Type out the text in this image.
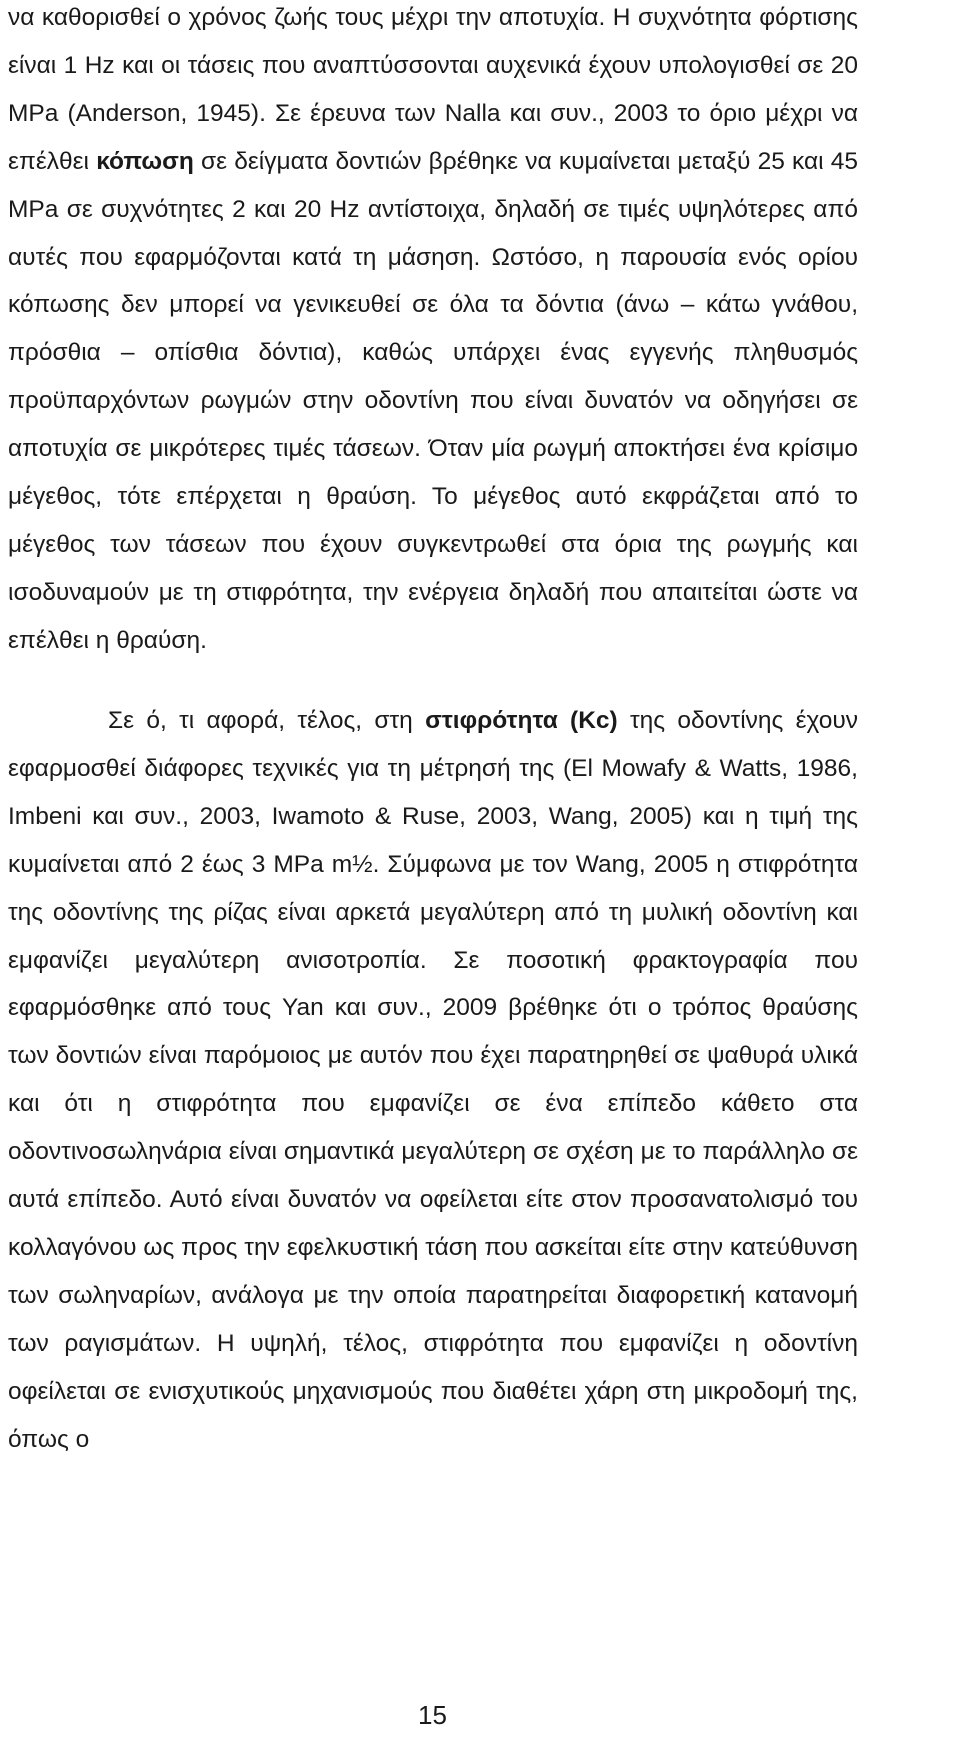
να καθορισθεί ο χρόνος ζωής τους μέχρι την αποτυχία. Η συχνότητα φόρτισης είναι 1 Hz και οι τάσεις που αναπτύσσονται αυχενικά έχουν υπολογισθεί σε 20 MPa (Anderson, 1945). Σε έρευνα των Nalla και συν., 2003 το όριο μέχρι να επέλθει κόπωση σε δείγματα δοντιών βρέθηκε να κυμαίνεται μεταξύ 25 και 45 MPa σε συχνότητες 2 και 20 Hz αντίστοιχα, δηλαδή σε τιμές υψηλότερες από αυτές που εφαρμόζονται κατά τη μάσηση. Ωστόσο, η παρουσία ενός ορίου κόπωσης δεν μπορεί να γενικευθεί σε όλα τα δόντια (άνω – κάτω γνάθου, πρόσθια – οπίσθια δόντια), καθώς υπάρχει ένας εγγενής πληθυσμός προϋπαρχόντων ρωγμών στην οδοντίνη που είναι δυνατόν να οδηγήσει σε αποτυχία σε μικρότερες τιμές τάσεων. Όταν μία ρωγμή αποκτήσει ένα κρίσιμο μέγεθος, τότε επέρχεται η θραύση. Το μέγεθος αυτό εκφράζεται από το μέγεθος των τάσεων που έχουν συγκεντρωθεί στα όρια της ρωγμής και ισοδυναμούν με τη στιφρότητα, την ενέργεια δηλαδή που απαιτείται ώστε να επέλθει η θραύση.

Σε ό, τι αφορά, τέλος, στη στιφρότητα (Kc) της οδοντίνης έχουν εφαρμοσθεί διάφορες τεχνικές για τη μέτρησή της (El Mowafy & Watts, 1986, Imbeni και συν., 2003, Iwamoto & Ruse, 2003, Wang, 2005) και η τιμή της κυμαίνεται από 2 έως 3 MPa m½. Σύμφωνα με τον Wang, 2005 η στιφρότητα της οδοντίνης της ρίζας είναι αρκετά μεγαλύτερη από τη μυλική οδοντίνη και εμφανίζει μεγαλύτερη ανισοτροπία. Σε ποσοτική φρακτογραφία που εφαρμόσθηκε από τους Yan και συν., 2009 βρέθηκε ότι ο τρόπος θραύσης των δοντιών είναι παρόμοιος με αυτόν που έχει παρατηρηθεί σε ψαθυρά υλικά και ότι η στιφρότητα που εμφανίζει σε ένα επίπεδο κάθετο στα οδοντινοσωληνάρια είναι σημαντικά μεγαλύτερη σε σχέση με το παράλληλο σε αυτά επίπεδο. Αυτό είναι δυνατόν να οφείλεται είτε στον προσανατολισμό του κολλαγόνου ως προς την εφελκυστική τάση που ασκείται είτε στην κατεύθυνση των σωληναρίων, ανάλογα με την οποία παρατηρείται διαφορετική κατανομή των ραγισμάτων. Η υψηλή, τέλος, στιφρότητα που εμφανίζει η οδοντίνη οφείλεται σε ενισχυτικούς μηχανισμούς που διαθέτει χάρη στη μικροδομή της, όπως ο

15
